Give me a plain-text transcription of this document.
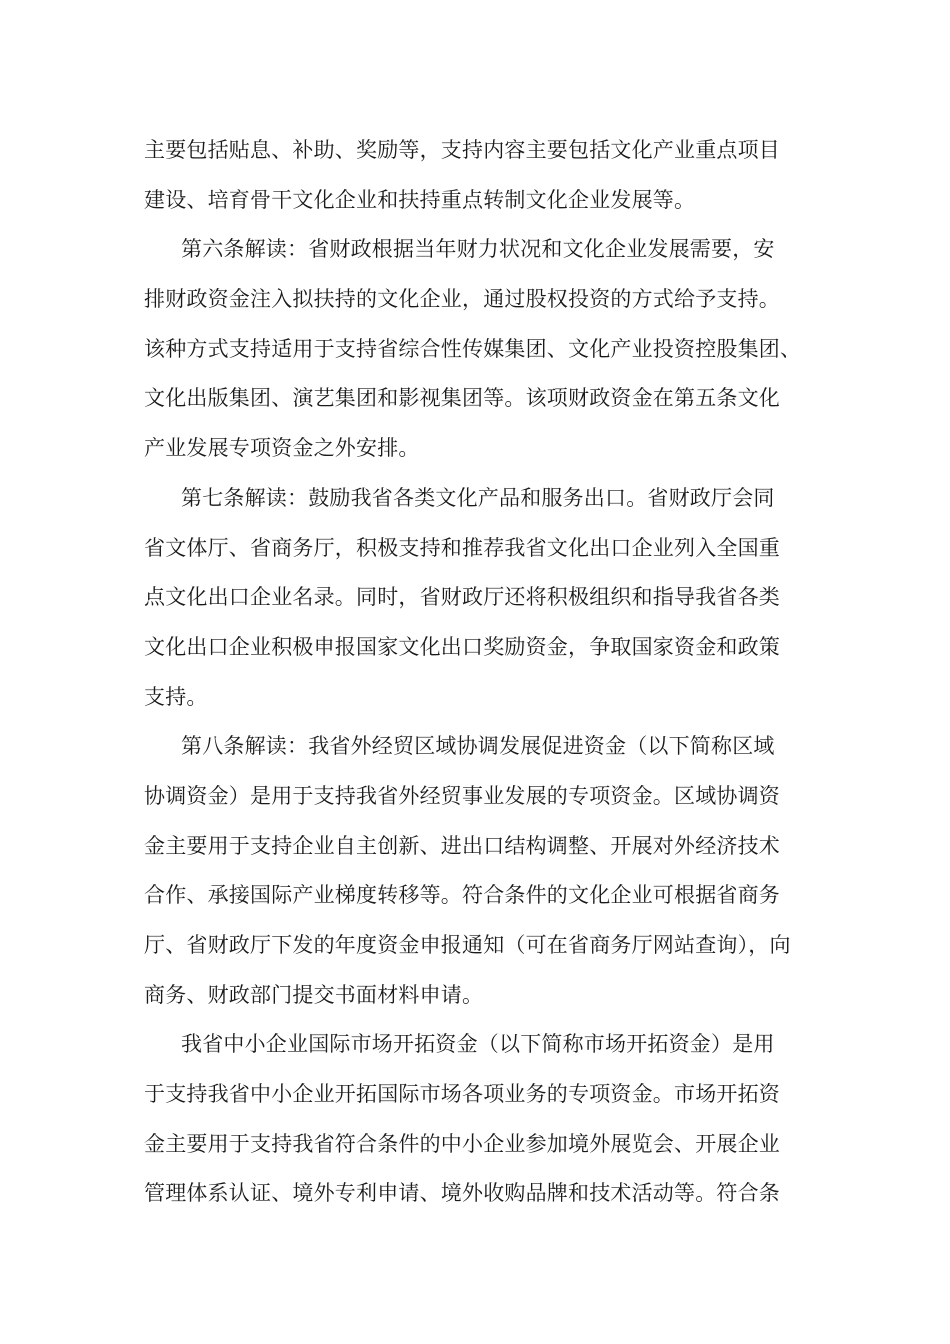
主要包括贴息、补助、奖励等，支持内容主要包括文化产业重点项目
建设、培育骨干文化企业和扶持重点转制文化企业发展等。
第六条解读：省财政根据当年财力状况和文化企业发展需要，安
排财政资金注入拟扶持的文化企业，通过股权投资的方式给予支持。
该种方式支持适用于支持省综合性传媒集团、文化产业投资控股集团、
文化出版集团、演艺集团和影视集团等。该项财政资金在第五条文化
产业发展专项资金之外安排。
第七条解读：鼓励我省各类文化产品和服务出口。省财政厅会同
省文体厅、省商务厅，积极支持和推荐我省文化出口企业列入全国重
点文化出口企业名录。同时，省财政厅还将积极组织和指导我省各类
文化出口企业积极申报国家文化出口奖励资金，争取国家资金和政策
支持。
第八条解读：我省外经贸区域协调发展促进资金（以下简称区域
协调资金）是用于支持我省外经贸事业发展的专项资金。区域协调资
金主要用于支持企业自主创新、进出口结构调整、开展对外经济技术
合作、承接国际产业梯度转移等。符合条件的文化企业可根据省商务
厅、省财政厅下发的年度资金申报通知（可在省商务厅网站查询），向
商务、财政部门提交书面材料申请。
我省中小企业国际市场开拓资金（以下简称市场开拓资金）是用
于支持我省中小企业开拓国际市场各项业务的专项资金。市场开拓资
金主要用于支持我省符合条件的中小企业参加境外展览会、开展企业
管理体系认证、境外专利申请、境外收购品牌和技术活动等。符合条
